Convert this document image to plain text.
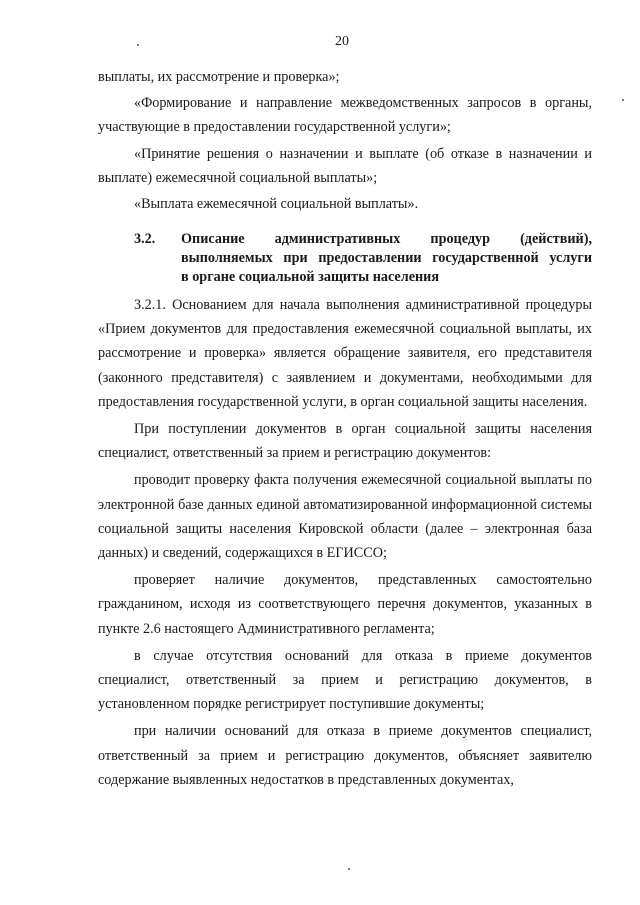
20

выплаты, их рассмотрение и проверка»;

«Формирование и направление межведомственных запросов в органы, участвующие в предоставлении государственной услуги»;

«Принятие решения о назначении и выплате (об отказе в назначении и выплате) ежемесячной социальной выплаты»;

«Выплата ежемесячной социальной выплаты».

3.2. Описание административных процедур (действий),
выполняемых при предоставлении государственной услуги
в органе социальной защиты населения

3.2.1. Основанием для начала выполнения административной процедуры «Прием документов для предоставления ежемесячной социальной выплаты, их рассмотрение и проверка» является обращение заявителя, его представителя (законного представителя) с заявлением и документами, необходимыми для предоставления государственной услуги, в орган социальной защиты населения.

При поступлении документов в орган социальной защиты населения специалист, ответственный за прием и регистрацию документов:

проводит проверку факта получения ежемесячной социальной выплаты по электронной базе данных единой автоматизированной информационной системы социальной защиты населения Кировской области (далее – электронная база данных) и сведений, содержащихся в ЕГИССО;

проверяет наличие документов, представленных самостоятельно гражданином, исходя из соответствующего перечня документов, указанных в пункте 2.6 настоящего Административного регламента;

в случае отсутствия оснований для отказа в приеме документов специалист, ответственный за прием и регистрацию документов, в установленном порядке регистрирует поступившие документы;

при наличии оснований для отказа в приеме документов специалист, ответственный за прием и регистрацию документов, объясняет заявителю содержание выявленных недостатков в представленных документах,
